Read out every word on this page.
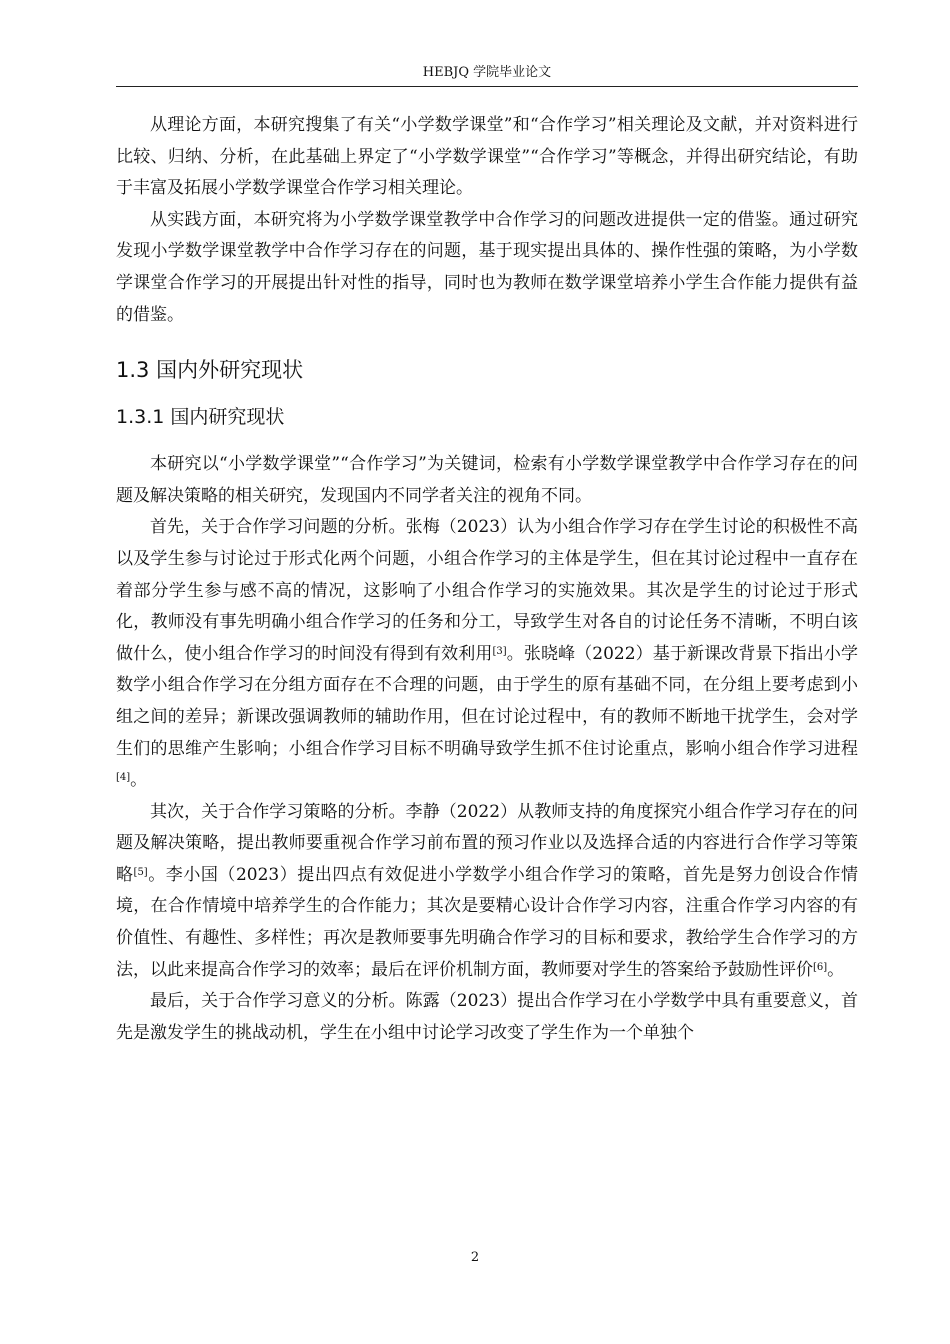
HEBJQ 学院毕业论文

从理论方面，本研究搜集了有关“小学数学课堂”和“合作学习”相关理论及文献，并对资料进行比较、归纳、分析，在此基础上界定了“小学数学课堂”“合作学习”等概念，并得出研究结论，有助于丰富及拓展小学数学课堂合作学习相关理论。

从实践方面，本研究将为小学数学课堂教学中合作学习的问题改进提供一定的借鉴。通过研究发现小学数学课堂教学中合作学习存在的问题，基于现实提出具体的、操作性强的策略，为小学数学课堂合作学习的开展提出针对性的指导，同时也为教师在数学课堂培养小学生合作能力提供有益的借鉴。

1.3 国内外研究现状
1.3.1 国内研究现状

本研究以“小学数学课堂”“合作学习”为关键词，检索有小学数学课堂教学中合作学习存在的问题及解决策略的相关研究，发现国内不同学者关注的视角不同。

首先，关于合作学习问题的分析。张梅（2023）认为小组合作学习存在学生讨论的积极性不高以及学生参与讨论过于形式化两个问题，小组合作学习的主体是学生，但在其讨论过程中一直存在着部分学生参与感不高的情况，这影响了小组合作学习的实施效果。其次是学生的讨论过于形式化，教师没有事先明确小组合作学习的任务和分工，导致学生对各自的讨论任务不清晰，不明白该做什么，使小组合作学习的时间没有得到有效利用[3]。张晓峰（2022）基于新课改背景下指出小学数学小组合作学习在分组方面存在不合理的问题，由于学生的原有基础不同，在分组上要考虑到小组之间的差异；新课改强调教师的辅助作用，但在讨论过程中，有的教师不断地干扰学生，会对学生们的思维产生影响；小组合作学习目标不明确导致学生抓不住讨论重点，影响小组合作学习进程[4]。

其次，关于合作学习策略的分析。李静（2022）从教师支持的角度探究小组合作学习存在的问题及解决策略，提出教师要重视合作学习前布置的预习作业以及选择合适的内容进行合作学习等策略[5]。李小国（2023）提出四点有效促进小学数学小组合作学习的策略，首先是努力创设合作情境，在合作情境中培养学生的合作能力；其次是要精心设计合作学习内容，注重合作学习内容的有价值性、有趣性、多样性；再次是教师要事先明确合作学习的目标和要求，教给学生合作学习的方法，以此来提高合作学习的效率；最后在评价机制方面，教师要对学生的答案给予鼓励性评价[6]。

最后，关于合作学习意义的分析。陈露（2023）提出合作学习在小学数学中具有重要意义，首先是激发学生的挑战动机，学生在小组中讨论学习改变了学生作为一个单独个

2
